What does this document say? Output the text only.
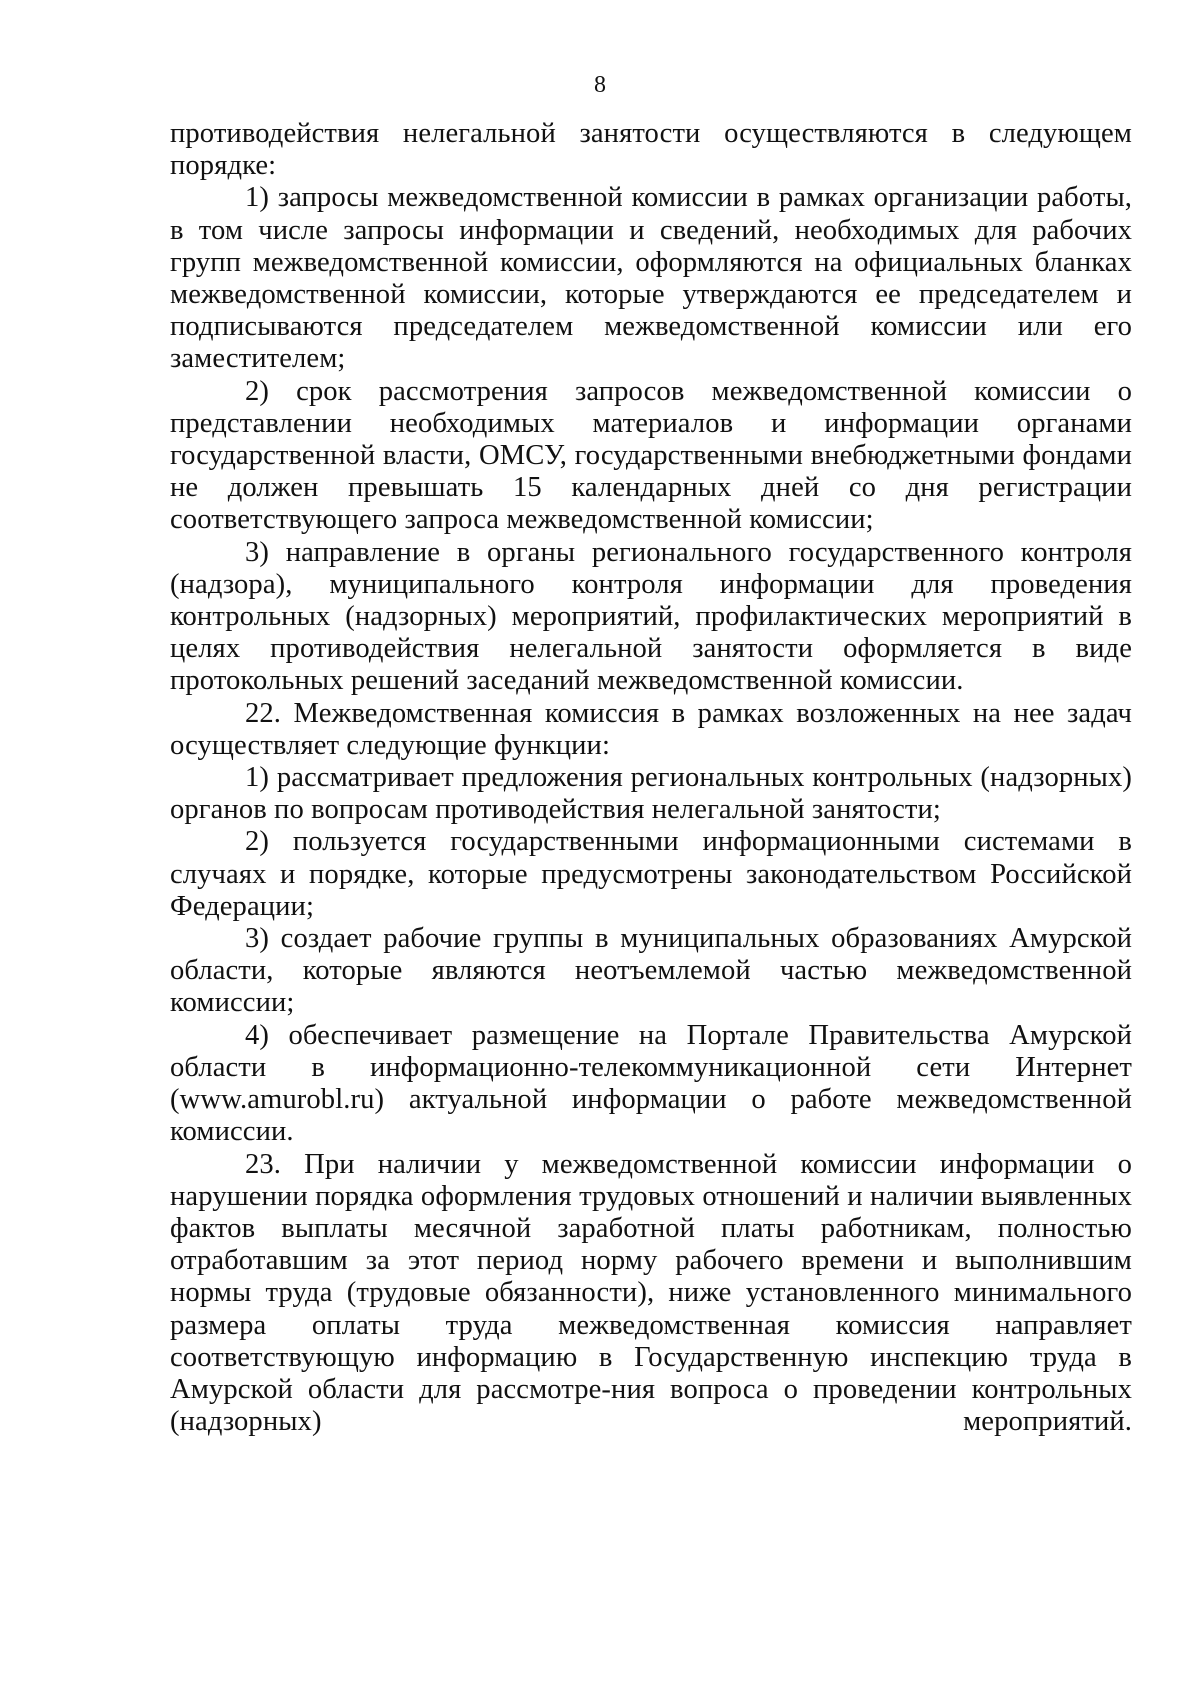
8

противодействия нелегальной занятости осуществляются в следующем порядке:

1) запросы межведомственной комиссии в рамках организации работы, в том числе запросы информации и сведений, необходимых для рабочих групп межведомственной комиссии, оформляются на официальных бланках межведомственной комиссии, которые утверждаются ее председателем и подписываются председателем межведомственной комиссии или его заместителем;

2) срок рассмотрения запросов межведомственной комиссии о представлении необходимых материалов и информации органами государственной власти, ОМСУ, государственными внебюджетными фондами не должен превышать 15 календарных дней со дня регистрации соответствующего запроса межведомственной комиссии;

3) направление в органы регионального государственного контроля (надзора), муниципального контроля информации для проведения контрольных (надзорных) мероприятий, профилактических мероприятий в целях противодействия нелегальной занятости оформляется в виде протокольных решений заседаний межведомственной комиссии.

22. Межведомственная комиссия в рамках возложенных на нее задач осуществляет следующие функции:

1) рассматривает предложения региональных контрольных (надзорных) органов по вопросам противодействия нелегальной занятости;

2) пользуется государственными информационными системами в случаях и порядке, которые предусмотрены законодательством Российской Федерации;

3) создает рабочие группы в муниципальных образованиях Амурской области, которые являются неотъемлемой частью межведомственной комиссии;

4) обеспечивает размещение на Портале Правительства Амурской области в информационно-телекоммуникационной сети Интернет (www.amurobl.ru) актуальной информации о работе межведомственной комиссии.

23. При наличии у межведомственной комиссии информации о нарушении порядка оформления трудовых отношений и наличии выявленных фактов выплаты месячной заработной платы работникам, полностью отработавшим за этот период норму рабочего времени и выполнившим нормы труда (трудовые обязанности), ниже установленного минимального размера оплаты труда межведомственная комиссия направляет соответствующую информацию в Государственную инспекцию труда в Амурской области для рассмотре-ния вопроса о проведении контрольных (надзорных) мероприятий.
